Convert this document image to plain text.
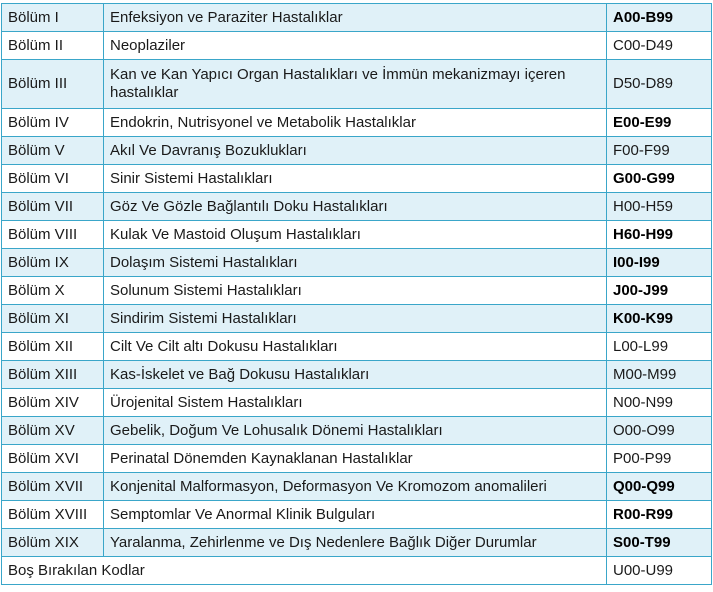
Bölüm I	Enfeksiyon ve Paraziter Hastalıklar	A00-B99
Bölüm II	Neoplaziler	C00-D49
Bölüm III	Kan ve Kan Yapıcı Organ Hastalıkları ve İmmün mekanizmayı içeren hastalıklar	D50-D89
Bölüm IV	Endokrin, Nutrisyonel ve Metabolik Hastalıklar	E00-E99
Bölüm V	Akıl Ve Davranış Bozuklukları	F00-F99
Bölüm VI	Sinir Sistemi Hastalıkları	G00-G99
Bölüm VII	Göz Ve Gözle Bağlantılı Doku Hastalıkları	H00-H59
Bölüm VIII	Kulak Ve Mastoid Oluşum Hastalıkları	H60-H99
Bölüm IX	Dolaşım Sistemi Hastalıkları	I00-I99
Bölüm X	Solunum Sistemi Hastalıkları	J00-J99
Bölüm XI	Sindirim Sistemi Hastalıkları	K00-K99
Bölüm XII	Cilt Ve Cilt altı Dokusu Hastalıkları	L00-L99
Bölüm XIII	Kas-İskelet ve Bağ Dokusu Hastalıkları	M00-M99
Bölüm XIV	Ürojenital Sistem Hastalıkları	N00-N99
Bölüm XV	Gebelik, Doğum Ve Lohusalık Dönemi Hastalıkları	O00-O99
Bölüm XVI	Perinatal Dönemden Kaynaklanan Hastalıklar	P00-P99
Bölüm XVII	Konjenital Malformasyon, Deformasyon Ve Kromozom anomalileri	Q00-Q99
Bölüm XVIII	Semptomlar Ve Anormal Klinik Bulguları	R00-R99
Bölüm XIX	Yaralanma, Zehirlenme ve Dış Nedenlere Bağlık Diğer Durumlar	S00-T99
Boş Bırakılan Kodlar		U00-U99
